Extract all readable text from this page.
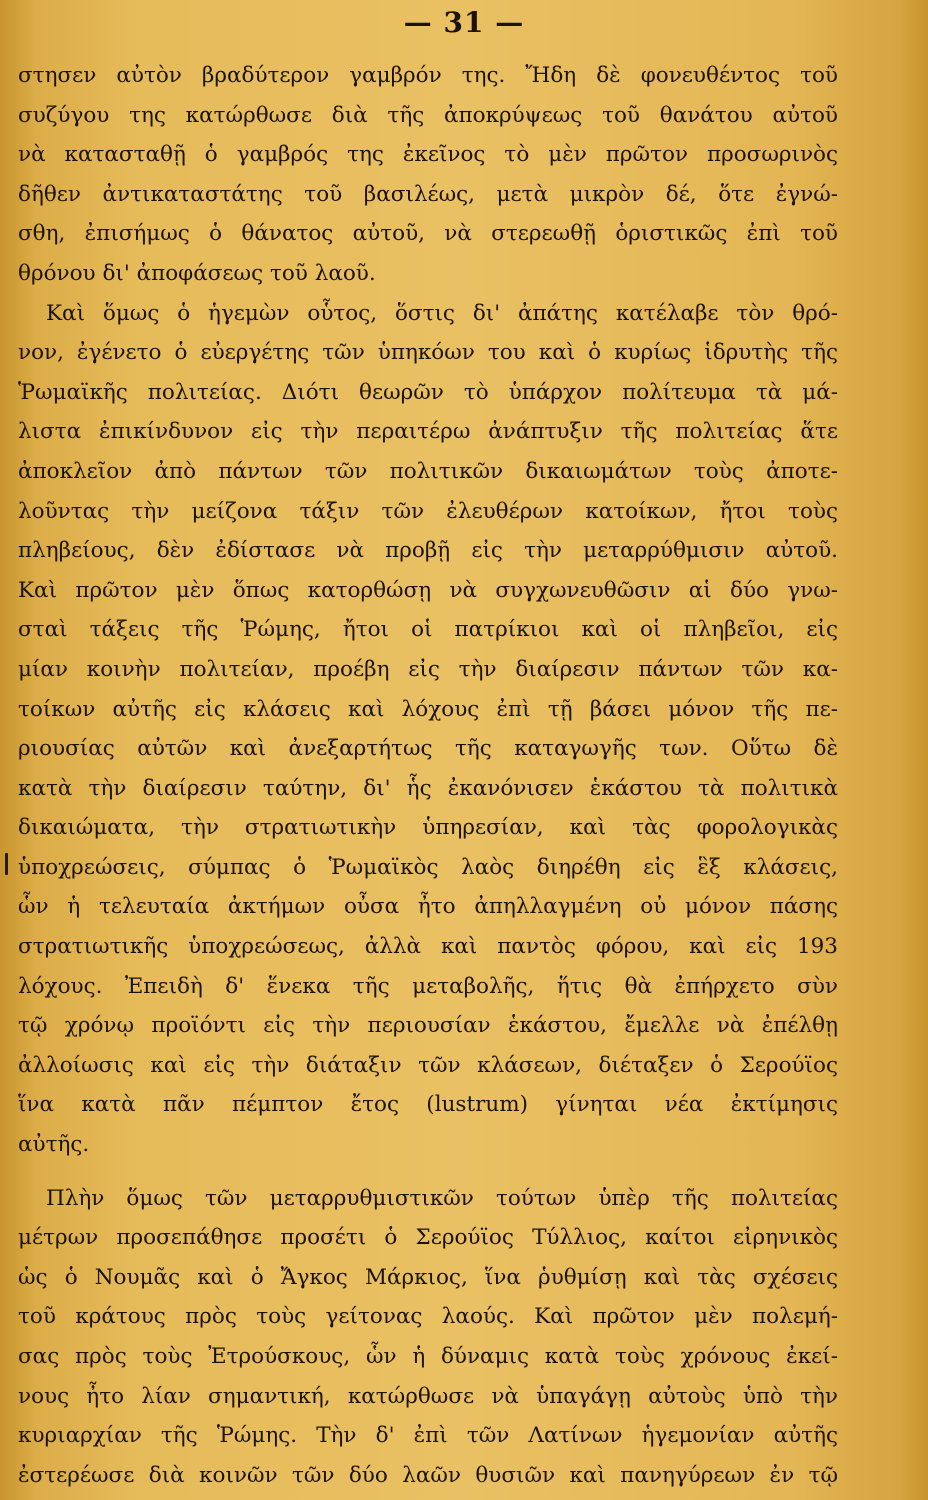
— 31 —
στησεν αὐτὸν βραδύτερον γαμβρόν της. Ἤδη δὲ φονευθέντος τοῦ
συζύγου της κατώρθωσε διὰ τῆς ἀποκρύψεως τοῦ θανάτου αὐτοῦ
νὰ κατασταθῇ ὁ γαμβρός της ἐκεῖνος τὸ μὲν πρῶτον προσωρινὸς
δῆθεν ἀντικαταστάτης τοῦ βασιλέως, μετὰ μικρὸν δέ, ὅτε ἐγνώ-
σθη, ἐπισήμως ὁ θάνατος αὐτοῦ, νὰ στερεωθῇ ὁριστικῶς ἐπὶ τοῦ
θρόνου δι' ἀποφάσεως τοῦ λαοῦ.
Καὶ ὅμως ὁ ἡγεμὼν οὗτος, ὅστις δι' ἀπάτης κατέλαβε τὸν θρό-
νον, ἐγένετο ὁ εὐεργέτης τῶν ὑπηκόων του καὶ ὁ κυρίως ἱδρυτὴς τῆς
Ῥωμαϊκῆς πολιτείας. Διότι θεωρῶν τὸ ὑπάρχον πολίτευμα τὰ μά-
λιστα ἐπικίνδυνον εἰς τὴν περαιτέρω ἀνάπτυξιν τῆς πολιτείας ἅτε
ἀποκλεῖον ἀπὸ πάντων τῶν πολιτικῶν δικαιωμάτων τοὺς ἀποτε-
λοῦντας τὴν μείζονα τάξιν τῶν ἐλευθέρων κατοίκων, ἤτοι τοὺς
πληβείους, δὲν ἐδίστασε νὰ προβῇ εἰς τὴν μεταρρύθμισιν αὐτοῦ.
Καὶ πρῶτον μὲν ὅπως κατορθώσῃ νὰ συγχωνευθῶσιν αἱ δύο γνω-
σταὶ τάξεις τῆς Ῥώμης, ἤτοι οἱ πατρίκιοι καὶ οἱ πληβεῖοι, εἰς
μίαν κοινὴν πολιτείαν, προέβη εἰς τὴν διαίρεσιν πάντων τῶν κα-
τοίκων αὐτῆς εἰς κλάσεις καὶ λόχους ἐπὶ τῇ βάσει μόνον τῆς πε-
ριουσίας αὐτῶν καὶ ἀνεξαρτήτως τῆς καταγωγῆς των. Οὕτω δὲ
κατὰ τὴν διαίρεσιν ταύτην, δι' ἧς ἐκανόνισεν ἑκάστου τὰ πολιτικὰ
δικαιώματα, τὴν στρατιωτικὴν ὑπηρεσίαν, καὶ τὰς φορολογικὰς
ὑποχρεώσεις, σύμπας ὁ Ῥωμαϊκὸς λαὸς διηρέθη εἰς ἓξ κλάσεις,
ὧν ἡ τελευταία ἀκτήμων οὖσα ἦτο ἀπηλλαγμένη οὐ μόνον πάσης
στρατιωτικῆς ὑποχρεώσεως, ἀλλὰ καὶ παντὸς φόρου, καὶ εἰς 193
λόχους. Ἐπειδὴ δ' ἕνεκα τῆς μεταβολῆς, ἥτις θὰ ἐπήρχετο σὺν
τῷ χρόνῳ προϊόντι εἰς τὴν περιουσίαν ἑκάστου, ἔμελλε νὰ ἐπέλθῃ
ἀλλοίωσις καὶ εἰς τὴν διάταξιν τῶν κλάσεων, διέταξεν ὁ Σερούϊος
ἵνα κατὰ πᾶν πέμπτον ἔτος (lustrum) γίνηται νέα ἐκτίμησις
αὐτῆς.
Πλὴν ὅμως τῶν μεταρρυθμιστικῶν τούτων ὑπὲρ τῆς πολιτείας
μέτρων προσεπάθησε προσέτι ὁ Σερούϊος Τύλλιος, καίτοι εἰρηνικὸς
ὡς ὁ Νουμᾶς καὶ ὁ Ἄγκος Μάρκιος, ἵνα ῥυθμίσῃ καὶ τὰς σχέσεις
τοῦ κράτους πρὸς τοὺς γείτονας λαούς. Καὶ πρῶτον μὲν πολεμή-
σας πρὸς τοὺς Ἐτρούσκους, ὧν ἡ δύναμις κατὰ τοὺς χρόνους ἐκεί-
νους ἦτο λίαν σημαντική, κατώρθωσε νὰ ὑπαγάγῃ αὐτοὺς ὑπὸ τὴν
κυριαρχίαν τῆς Ῥώμης. Τὴν δ' ἐπὶ τῶν Λατίνων ἡγεμονίαν αὐτῆς
ἐστερέωσε διὰ κοινῶν τῶν δύο λαῶν θυσιῶν καὶ πανηγύρεων ἐν τῷ
